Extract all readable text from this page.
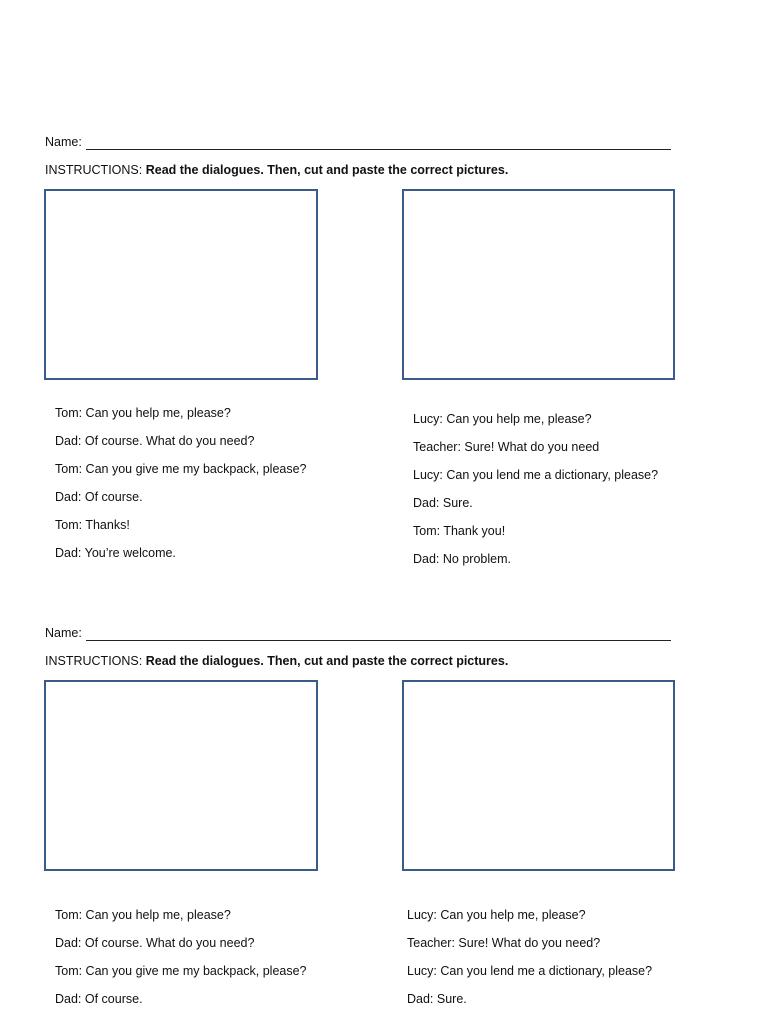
Name:
INSTRUCTIONS: Read the dialogues. Then, cut and paste the correct pictures.
Tom: Can you help me, please?
Dad: Of course. What do you need?
Tom: Can you give me my backpack, please?
Dad: Of course.
Tom: Thanks!
Dad: You’re welcome.
Lucy: Can you help me, please?
Teacher: Sure! What do you need
Lucy: Can you lend me a dictionary, please?
Dad: Sure.
Tom: Thank you!
Dad: No problem.
Name:
INSTRUCTIONS: Read the dialogues. Then, cut and paste the correct pictures.
Tom: Can you help me, please?
Dad: Of course. What do you need?
Tom: Can you give me my backpack, please?
Dad: Of course.
Lucy: Can you help me, please?
Teacher: Sure! What do you need?
Lucy: Can you lend me a dictionary, please?
Dad: Sure.
